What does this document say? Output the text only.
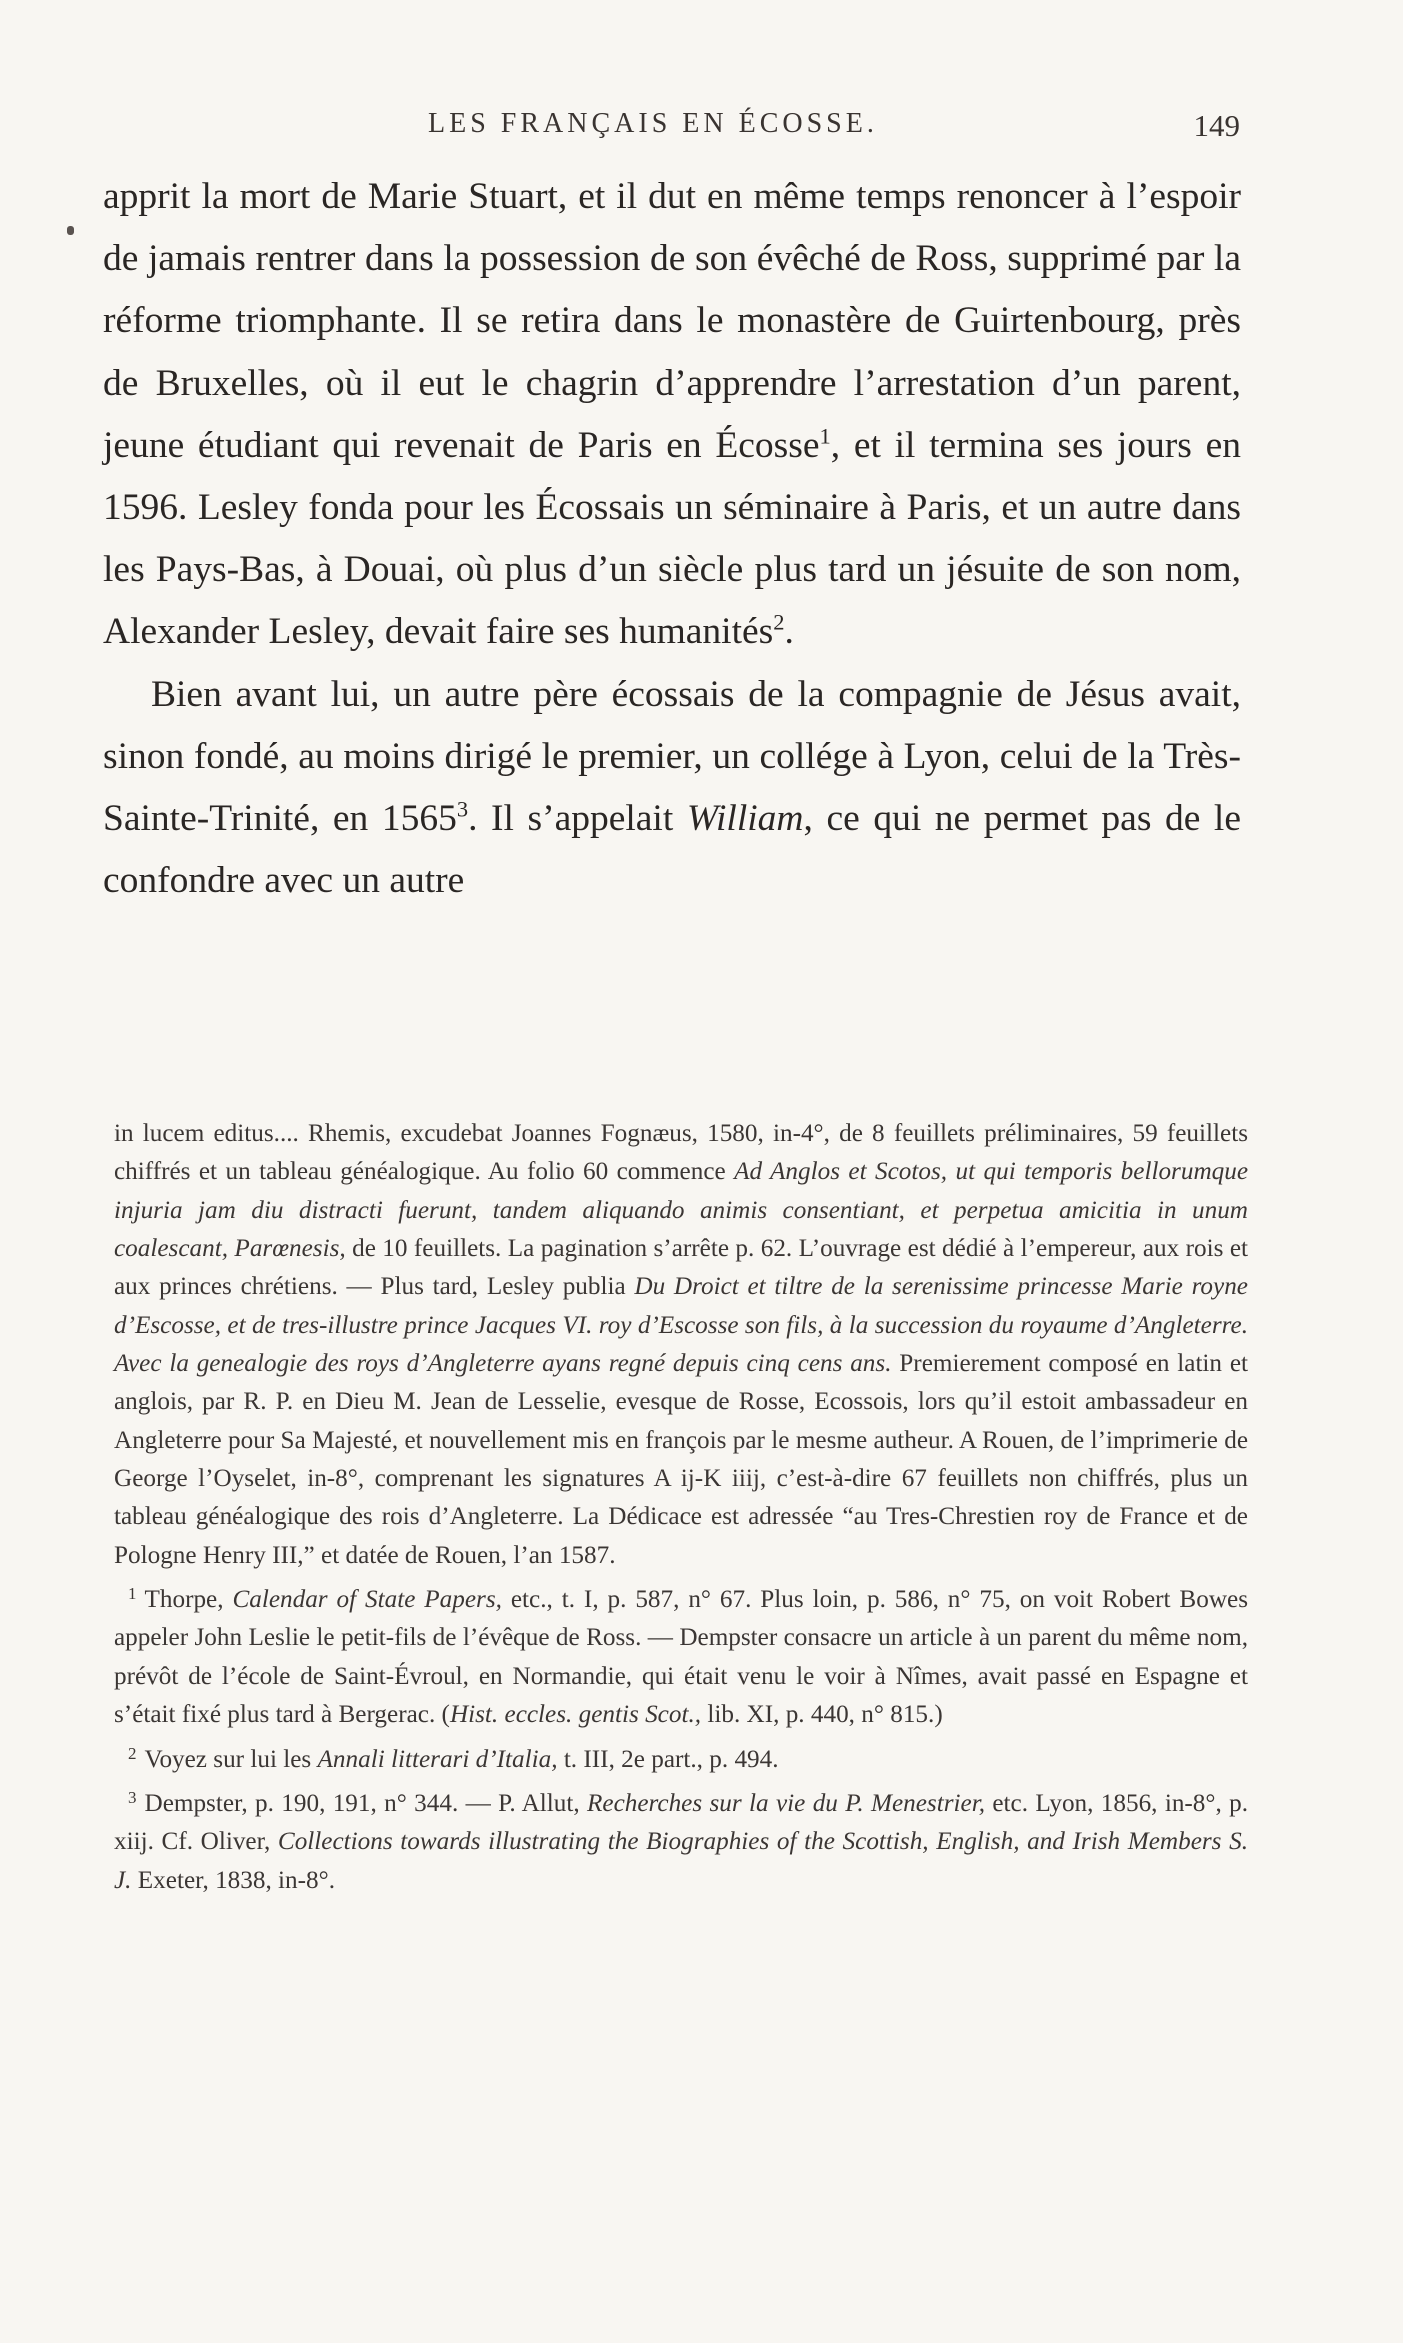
LES FRANÇAIS EN ÉCOSSE.	149

apprit la mort de Marie Stuart, et il dut en même temps renoncer à l’espoir de jamais rentrer dans la possession de son évêché de Ross, supprimé par la réforme triomphante. Il se retira dans le monastère de Guirtenbourg, près de Bruxelles, où il eut le chagrin d’apprendre l’arrestation d’un parent, jeune étudiant qui revenait de Paris en Écosse$^1$, et il termina ses jours en 1596. Lesley fonda pour les Écossais un séminaire à Paris, et un autre dans les Pays-Bas, à Douai, où plus d’un siècle plus tard un jésuite de son nom, Alexander Lesley, devait faire ses humanités$^2$.

Bien avant lui, un autre père écossais de la compagnie de Jésus avait, sinon fondé, au moins dirigé le premier, un collége à Lyon, celui de la Très-Sainte-Trinité, en 1565$^3$. Il s’appelait William, ce qui ne permet pas de le confondre avec un autre

in lucem editus.... Rhemis, excudebat Joannes Fognæus, 1580, in-4°, de 8 feuillets préliminaires, 59 feuillets chiffrés et un tableau généalogique. Au folio 60 commence Ad Anglos et Scotos, ut qui temporis bellorumque injuria jam diu distracti fuerunt, tandem aliquando animis consentiant, et perpetua amicitia in unum coalescant, Parœnesis, de 10 feuillets. La pagination s’arrête p. 62. L’ouvrage est dédié à l’empereur, aux rois et aux princes chrétiens. — Plus tard, Lesley publia Du Droict et tiltre de la serenissime princesse Marie royne d’Escosse, et de tres-illustre prince Jacques VI. roy d’Escosse son fils, à la succession du royaume d’Angleterre. Avec la genealogie des roys d’Angleterre ayans regné depuis cinq cens ans. Premierement composé en latin et anglois, par R. P. en Dieu M. Jean de Lesselie, evesque de Rosse, Ecossois, lors qu’il estoit ambassadeur en Angleterre pour Sa Majesté, et nouvellement mis en françois par le mesme autheur. A Rouen, de l’imprimerie de George l’Oyselet, in-8°, comprenant les signatures A ij-K iiij, c’est-à-dire 67 feuillets non chiffrés, plus un tableau généalogique des rois d’Angleterre. La Dédicace est adressée “au Tres-Chrestien roy de France et de Pologne Henry III,” et datée de Rouen, l’an 1587.

$^1$ Thorpe, Calendar of State Papers, etc., t. I, p. 587, n° 67. Plus loin, p. 586, n° 75, on voit Robert Bowes appeler John Leslie le petit-fils de l’évêque de Ross. — Dempster consacre un article à un parent du même nom, prévôt de l’école de Saint-Évroul, en Normandie, qui était venu le voir à Nîmes, avait passé en Espagne et s’était fixé plus tard à Bergerac. (Hist. eccles. gentis Scot., lib. XI, p. 440, n° 815.)

$^2$ Voyez sur lui les Annali litterari d’Italia, t. III, 2e part., p. 494.

$^3$ Dempster, p. 190, 191, n° 344. — P. Allut, Recherches sur la vie du P. Menestrier, etc. Lyon, 1856, in-8°, p. xiij. Cf. Oliver, Collections towards illustrating the Biographies of the Scottish, English, and Irish Members S. J. Exeter, 1838, in-8°.
